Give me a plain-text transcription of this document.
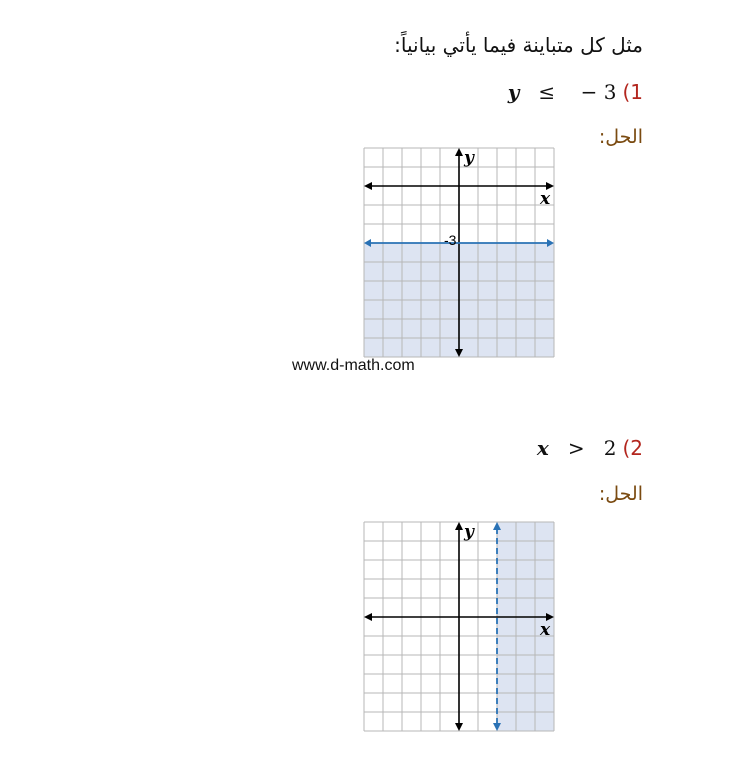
مثل كل متباينة فيما يأتي بيانياً:
y ≤ − 3 (1
الحل:
x
y
-3
www.d-math.com
x > 2 (2
الحل:
x
y
